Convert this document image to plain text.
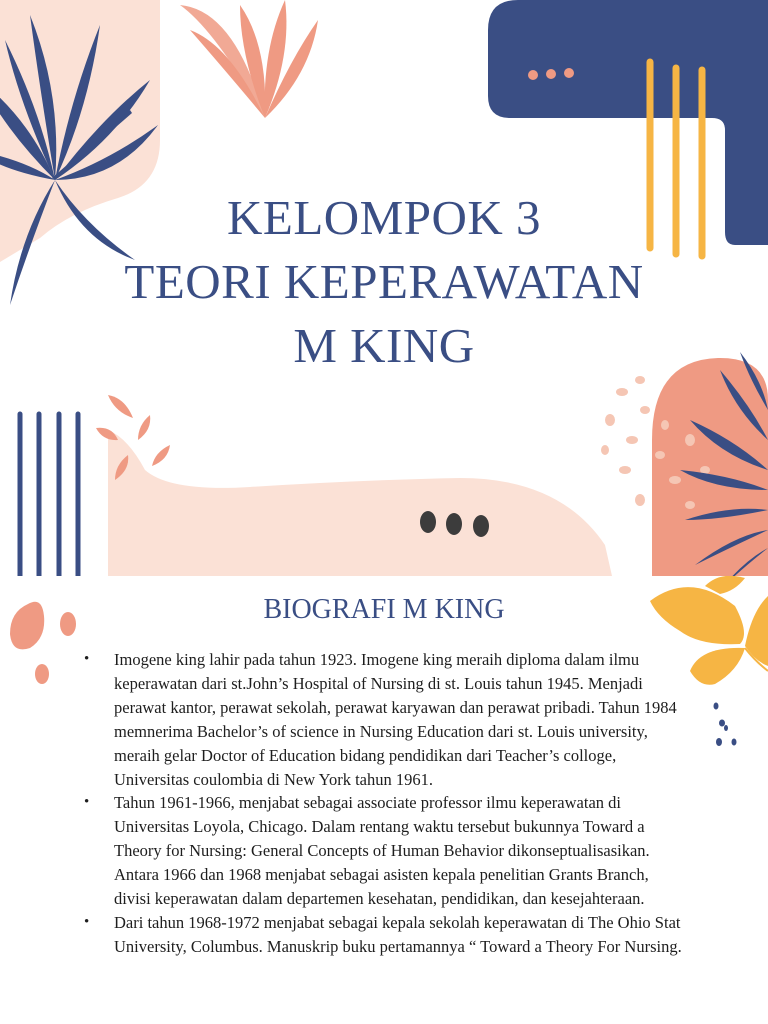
KELOMPOK 3
TEORI KEPERAWATAN
M KING
BIOGRAFI M KING
• Imogene king lahir pada tahun 1923. Imogene king meraih diploma dalam ilmu keperawatan dari st.John’s Hospital of Nursing di st. Louis tahun 1945. Menjadi perawat kantor, perawat sekolah, perawat karyawan dan perawat pribadi. Tahun 1984 memnerima Bachelor’s of science in Nursing Education dari st. Louis university, meraih gelar Doctor of Education bidang pendidikan dari Teacher’s colloge, Universitas coulombia di New York tahun 1961.
• Tahun 1961-1966, menjabat sebagai associate professor ilmu keperawatan di Universitas Loyola, Chicago. Dalam rentang waktu tersebut bukunnya Toward a Theory for Nursing: General Concepts of Human Behavior dikonseptualisasikan. Antara 1966 dan 1968 menjabat sebagai asisten kepala penelitian Grants Branch, divisi keperawatan dalam departemen kesehatan, pendidikan, dan kesejahteraan.
• Dari tahun 1968-1972 menjabat sebagai kepala sekolah keperawatan di The Ohio Stat University, Columbus. Manuskrip buku pertamannya “ Toward a Theory For Nursing.
